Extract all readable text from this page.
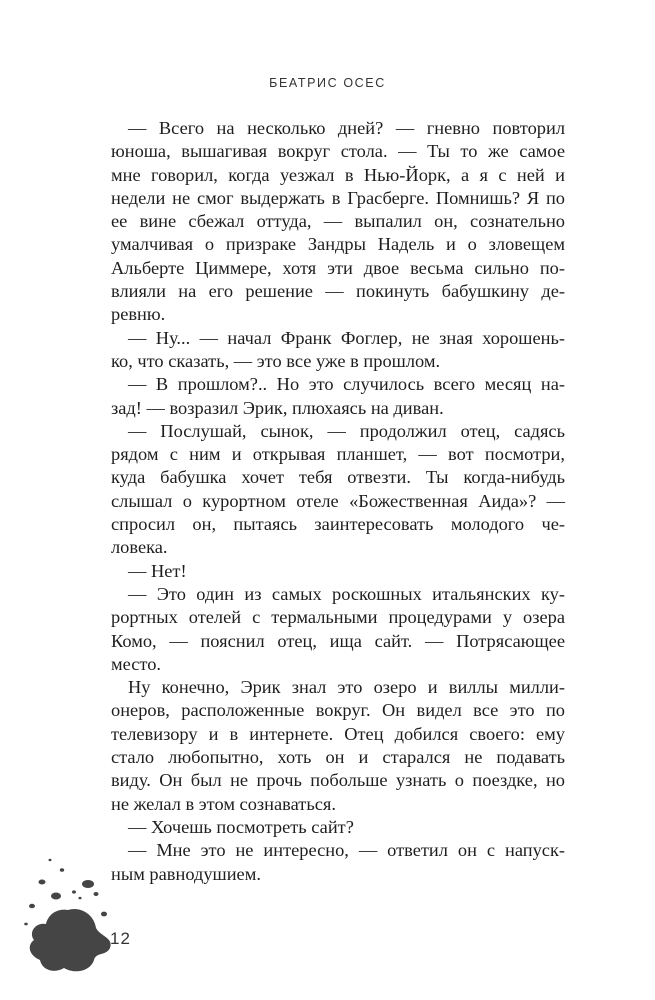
БЕАТРИС ОСЕС
— Всего на несколько дней? — гневно повторил
юноша, вышагивая вокруг стола. — Ты то же самое
мне говорил, когда уезжал в Нью-Йорк, а я с ней и
недели не смог выдержать в Грасберге. Помнишь? Я по
ее вине сбежал оттуда, — выпалил он, сознательно
умалчивая о призраке Зандры Надель и о зловещем
Альберте Циммере, хотя эти двое весьма сильно по-
влияли на его решение — покинуть бабушкину де-
ревню.
— Ну... — начал Франк Фоглер, не зная хорошень-
ко, что сказать, — это все уже в прошлом.
— В прошлом?.. Но это случилось всего месяц на-
зад! — возразил Эрик, плюхаясь на диван.
— Послушай, сынок, — продолжил отец, садясь
рядом с ним и открывая планшет, — вот посмотри,
куда бабушка хочет тебя отвезти. Ты когда-нибудь
слышал о курортном отеле «Божественная Аида»? —
спросил он, пытаясь заинтересовать молодого че-
ловека.
— Нет!
— Это один из самых роскошных итальянских ку-
рортных отелей с термальными процедурами у озера
Комо, — пояснил отец, ища сайт. — Потрясающее
место.
Ну конечно, Эрик знал это озеро и виллы милли-
онеров, расположенные вокруг. Он видел все это по
телевизору и в интернете. Отец добился своего: ему
стало любопытно, хоть он и старался не подавать
виду. Он был не прочь побольше узнать о поездке, но
не желал в этом сознаваться.
— Хочешь посмотреть сайт?
— Мне это не интересно, — ответил он с напуск-
ным равнодушием.
12
